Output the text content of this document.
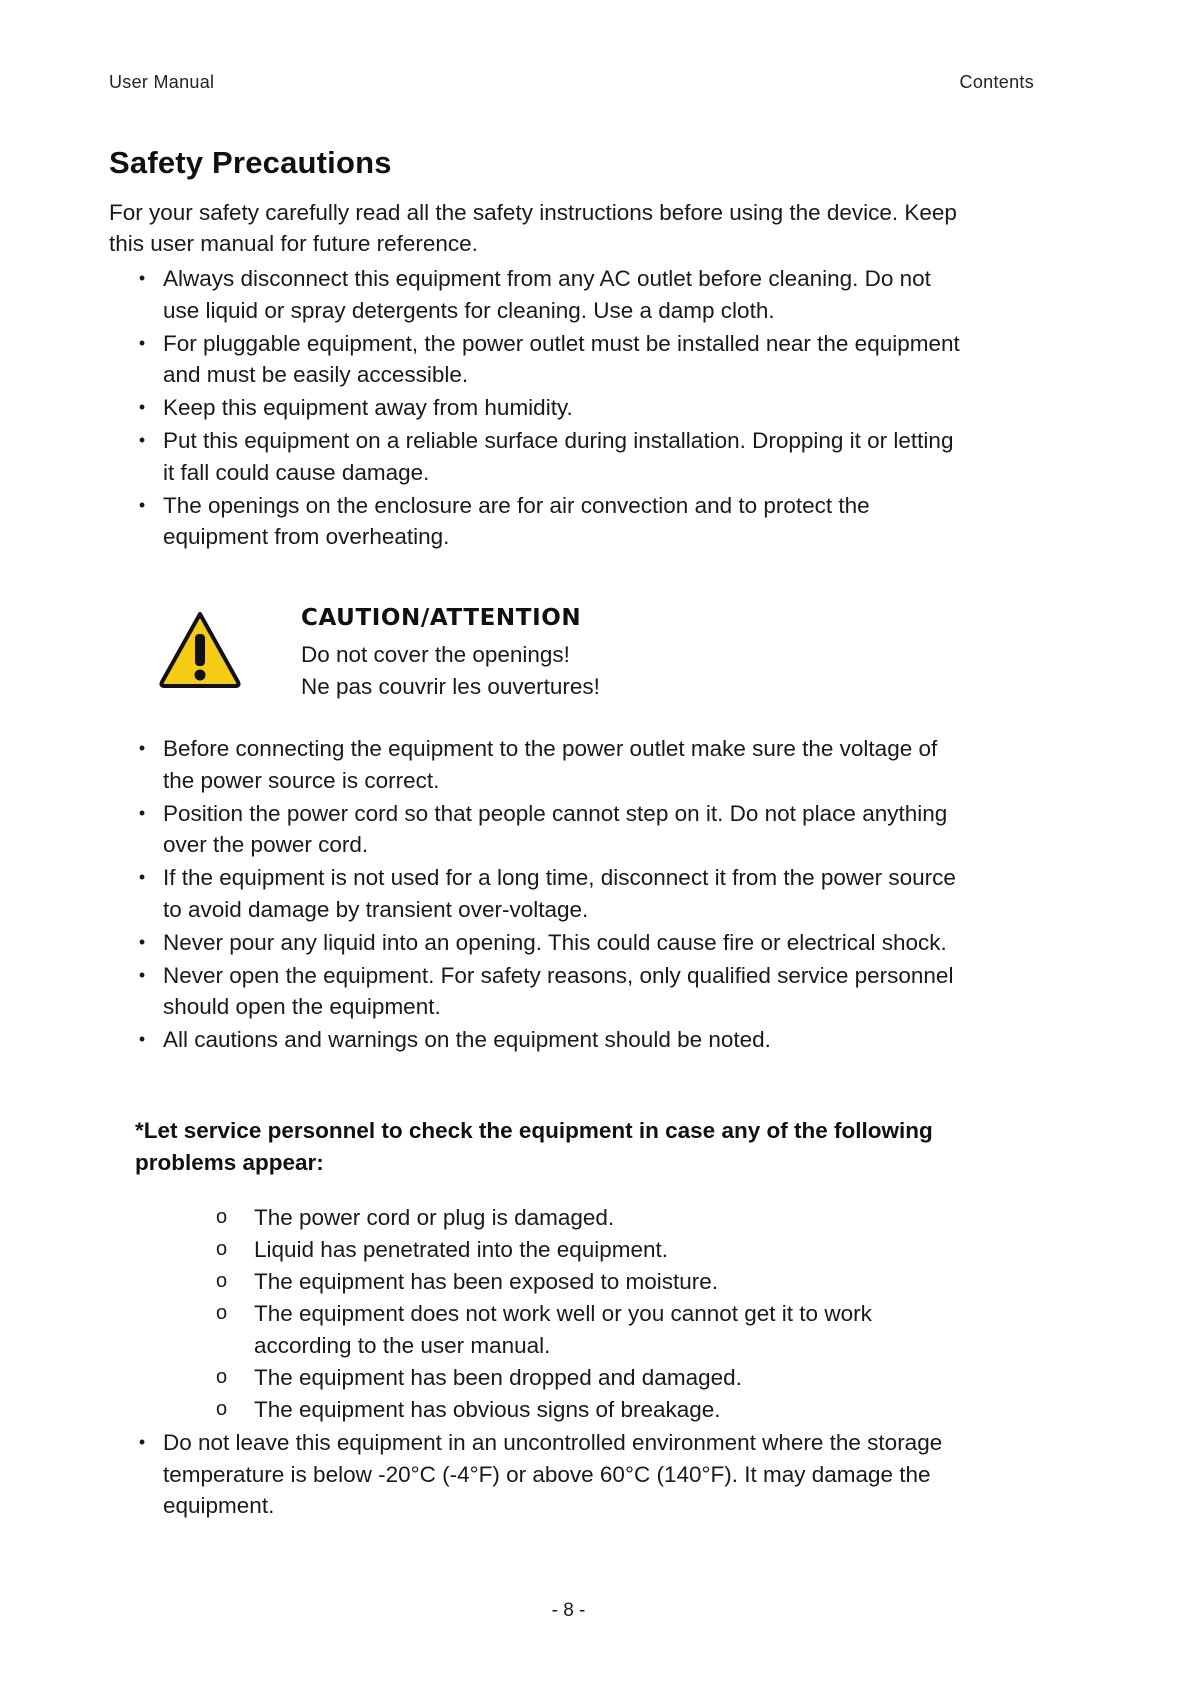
User Manual	Contents
Safety Precautions

For your safety carefully read all the safety instructions before using the device. Keep this user manual for future reference.

• Always disconnect this equipment from any AC outlet before cleaning. Do not use liquid or spray detergents for cleaning. Use a damp cloth.
• For pluggable equipment, the power outlet must be installed near the equipment and must be easily accessible.
• Keep this equipment away from humidity.
• Put this equipment on a reliable surface during installation. Dropping it or letting it fall could cause damage.
• The openings on the enclosure are for air convection and to protect the equipment from overheating.
CAUTION/ATTENTION
Do not cover the openings!
Ne pas couvrir les ouvertures!
• Before connecting the equipment to the power outlet make sure the voltage of the power source is correct.
• Position the power cord so that people cannot step on it. Do not place anything over the power cord.
• If the equipment is not used for a long time, disconnect it from the power source to avoid damage by transient over-voltage.
• Never pour any liquid into an opening. This could cause fire or electrical shock.
• Never open the equipment. For safety reasons, only qualified service personnel should open the equipment.
• All cautions and warnings on the equipment should be noted.

*Let service personnel to check the equipment in case any of the following problems appear:

o The power cord or plug is damaged.
o Liquid has penetrated into the equipment.
o The equipment has been exposed to moisture.
o The equipment does not work well or you cannot get it to work according to the user manual.
o The equipment has been dropped and damaged.
o The equipment has obvious signs of breakage.
• Do not leave this equipment in an uncontrolled environment where the storage temperature is below -20°C (-4°F) or above 60°C (140°F). It may damage the equipment.
- 8 -
